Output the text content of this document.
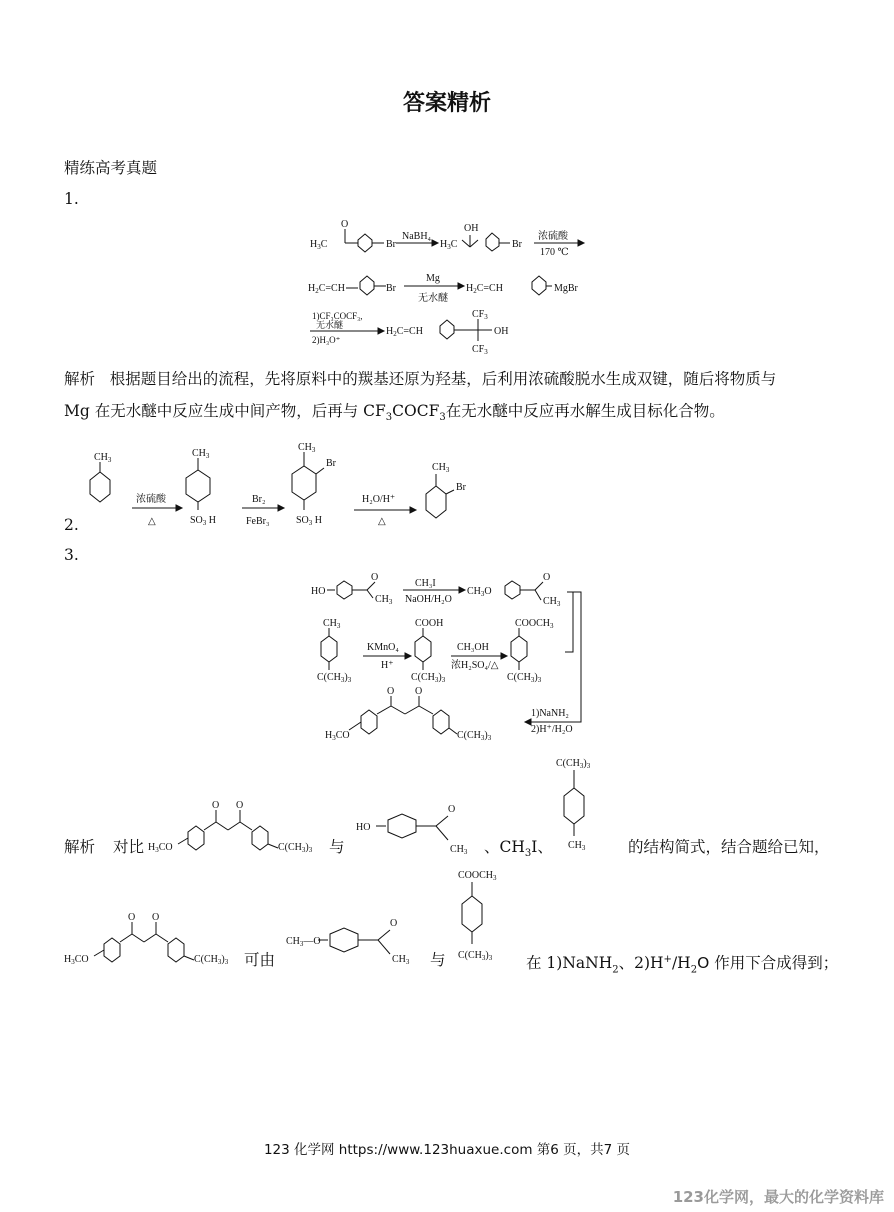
答案精析
精练高考真题
1.
$H_3C$
O
Br
NaBH₄
$H_3C$
OH
Br
浓硫酸
170 ℃
$H_2C=CH$	Br
Mg
无水醚
$H_2C=CH$	MgBr
1)CF₃COCF₃,
无水醚
2)H₃O⁺
$H_2C=CH$
$CF_3$
OH
$CF_3$
解析 根据题目给出的流程，先将原料中的羰基还原为羟基，后利用浓硫酸脱水生成双键，随后将物质与
Mg 在无水醚中反应生成中间产物，后再与 $CF_3COCF_3$在无水醚中反应再水解生成目标化合物。
2.
$CH_3$
浓硫酸
△
$CH_3$
$SO_3$ H
Br₂
FeBr₃
$CH_3$
Br
$SO_3$ H
H₂O/H⁺
△
$CH_3$
Br
3.
HO
$CH_3$
O
CH₃I
NaOH/H₂O
$CH_3O$
O
$CH_3$
$CH_3$
$C(CH_3)_3$
KMnO₄
H⁺
COOH
$C(CH_3)_3$
CH₃OH
浓H₂SO₄/△
$COOCH_3$
$C(CH_3)_3$
1)NaNH₂
2)H⁺/H₂O
$H_3CO$
O O
$C(CH_3)_3$
解析 对比 $H_3CO$
O O
$C(CH_3)_3$ 与
HO
O
$CH_3$ 、$CH_3I$、
$C(CH_3)_3$
$CH_3$	的结构简式，结合题给已知，
$H_3CO$
O O
$C(CH_3)_3$ 可由
$CH_3—O$
O
$CH_3$ 与
$COOCH_3$
$C(CH_3)_3$ 在 1)NaNH$_2$、$2)H^+/H_2O$ 作用下合成得到；
123 化学网 https://www.123huaxue.com 第6 页，共7 页
123化学网，最大的化学资料库
